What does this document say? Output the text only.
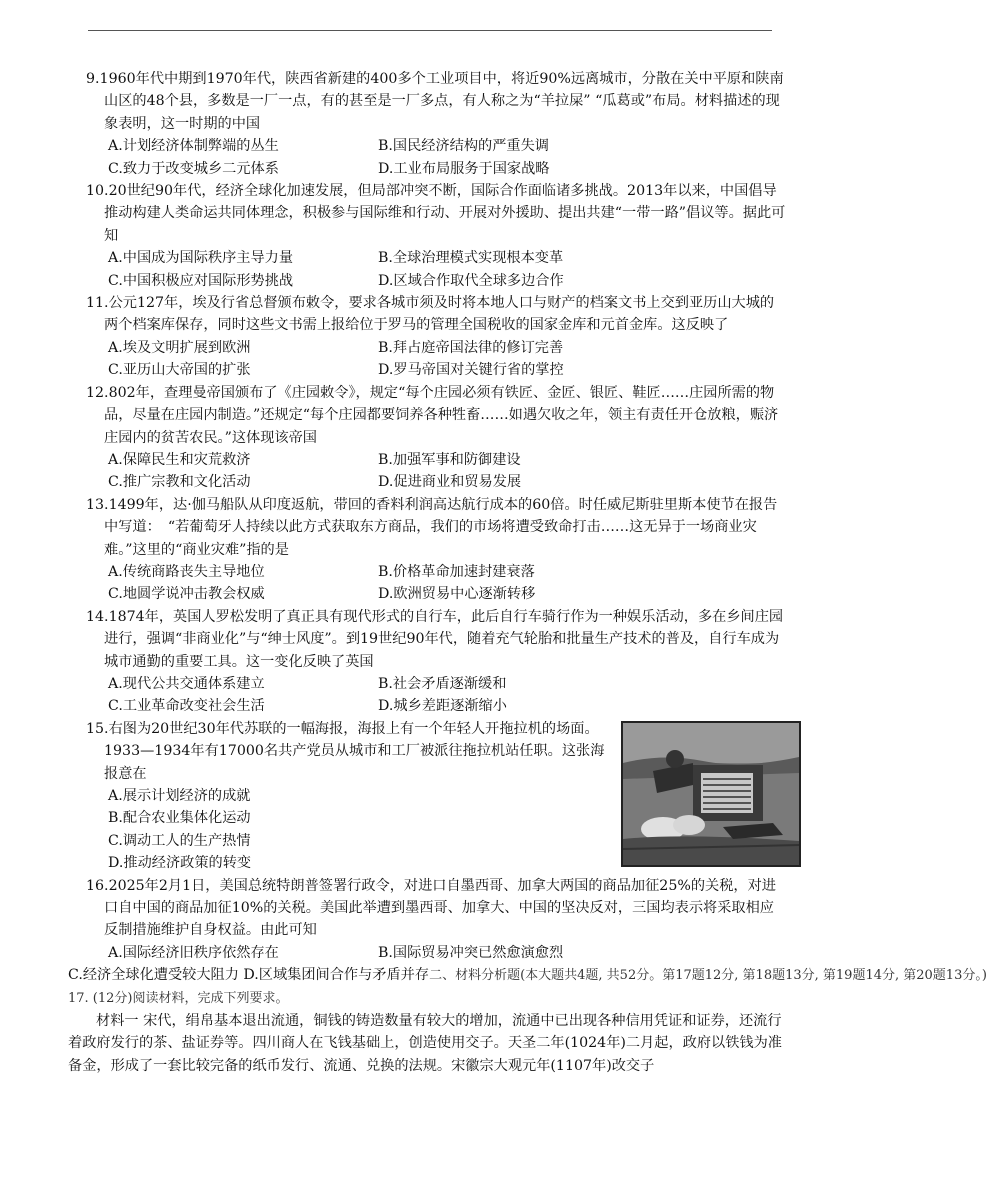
9.1960年代中期到1970年代，陕西省新建的400多个工业项目中，将近90%远离城市，分散在关中平原和陕南山区的48个县，多数是一厂一点，有的甚至是一厂多点，有人称之为“羊拉屎” “瓜葛或”布局。材料描述的现象表明，这一时期的中国
A.计划经济体制弊端的丛生	B.国民经济结构的严重失调
C.致力于改变城乡二元体系	D.工业布局服务于国家战略
10.20世纪90年代，经济全球化加速发展，但局部冲突不断，国际合作面临诸多挑战。2013年以来，中国倡导推动构建人类命运共同体理念，积极参与国际维和行动、开展对外援助、提出共建“一带一路”倡议等。据此可知
A.中国成为国际秩序主导力量	B.全球治理模式实现根本变革
C.中国积极应对国际形势挑战	D.区域合作取代全球多边合作
11.公元127年，埃及行省总督颁布敕令，要求各城市须及时将本地人口与财产的档案文书上交到亚历山大城的两个档案库保存，同时这些文书需上报给位于罗马的管理全国税收的国家金库和元首金库。这反映了
A.埃及文明扩展到欧洲	B.拜占庭帝国法律的修订完善
C.亚历山大帝国的扩张	D.罗马帝国对关键行省的掌控
12.802年，查理曼帝国颁布了《庄园敕令》，规定“每个庄园必须有铁匠、金匠、银匠、鞋匠……庄园所需的物品，尽量在庄园内制造。”还规定“每个庄园都要饲养各种牲畜……如遇欠收之年，领主有责任开仓放粮，赈济庄园内的贫苦农民。”这体现该帝国
A.保障民生和灾荒救济	B.加强军事和防御建设
C.推广宗教和文化活动	D.促进商业和贸易发展
13.1499年，达·伽马船队从印度返航，带回的香料利润高达航行成本的60倍。时任威尼斯驻里斯本使节在报告中写道：　“若葡萄牙人持续以此方式获取东方商品，我们的市场将遭受致命打击……这无异于一场商业灾难。”这里的“商业灾难”指的是
A.传统商路丧失主导地位	B.价格革命加速封建衰落
C.地圆学说冲击教会权威	D.欧洲贸易中心逐渐转移
14.1874年，英国人罗松发明了真正具有现代形式的自行车，此后自行车骑行作为一种娱乐活动，多在乡间庄园进行，强调“非商业化”与“绅士风度”。到19世纪90年代，随着充气轮胎和批量生产技术的普及，自行车成为城市通勤的重要工具。这一变化反映了英国
A.现代公共交通体系建立	B.社会矛盾逐渐缓和
C.工业革命改变社会生活	D.城乡差距逐渐缩小
15.右图为20世纪30年代苏联的一幅海报，海报上有一个年轻人开拖拉机的场面。1933—1934年有17000名共产党员从城市和工厂被派往拖拉机站任职。这张海报意在
A.展示计划经济的成就
B.配合农业集体化运动
C.调动工人的生产热情
D.推动经济政策的转变
16.2025年2月1日，美国总统特朗普签署行政令，对进口自墨西哥、加拿大两国的商品加征25%的关税，对进口自中国的商品加征10%的关税。美国此举遭到墨西哥、加拿大、中国的坚决反对，三国均表示将采取相应反制措施维护自身权益。由此可知
A.国际经济旧秩序依然存在	B.国际贸易冲突已然愈演愈烈
C.经济全球化遭受较大阻力 D.区域集团间合作与矛盾并存二、材料分析题(本大题共4题, 共52分。第17题12分, 第18题13分, 第19题14分, 第20题13分。)
17. (12分)阅读材料，完成下列要求。
材料一 宋代，绢帛基本退出流通，铜钱的铸造数量有较大的增加，流通中已出现各种信用凭证和证券，还流行着政府发行的茶、盐证券等。四川商人在飞钱基础上，创造使用交子。天圣二年(1024年)二月起，政府以铁钱为准备金，形成了一套比较完备的纸币发行、流通、兑换的法规。宋徽宗大观元年(1107年)改交子
